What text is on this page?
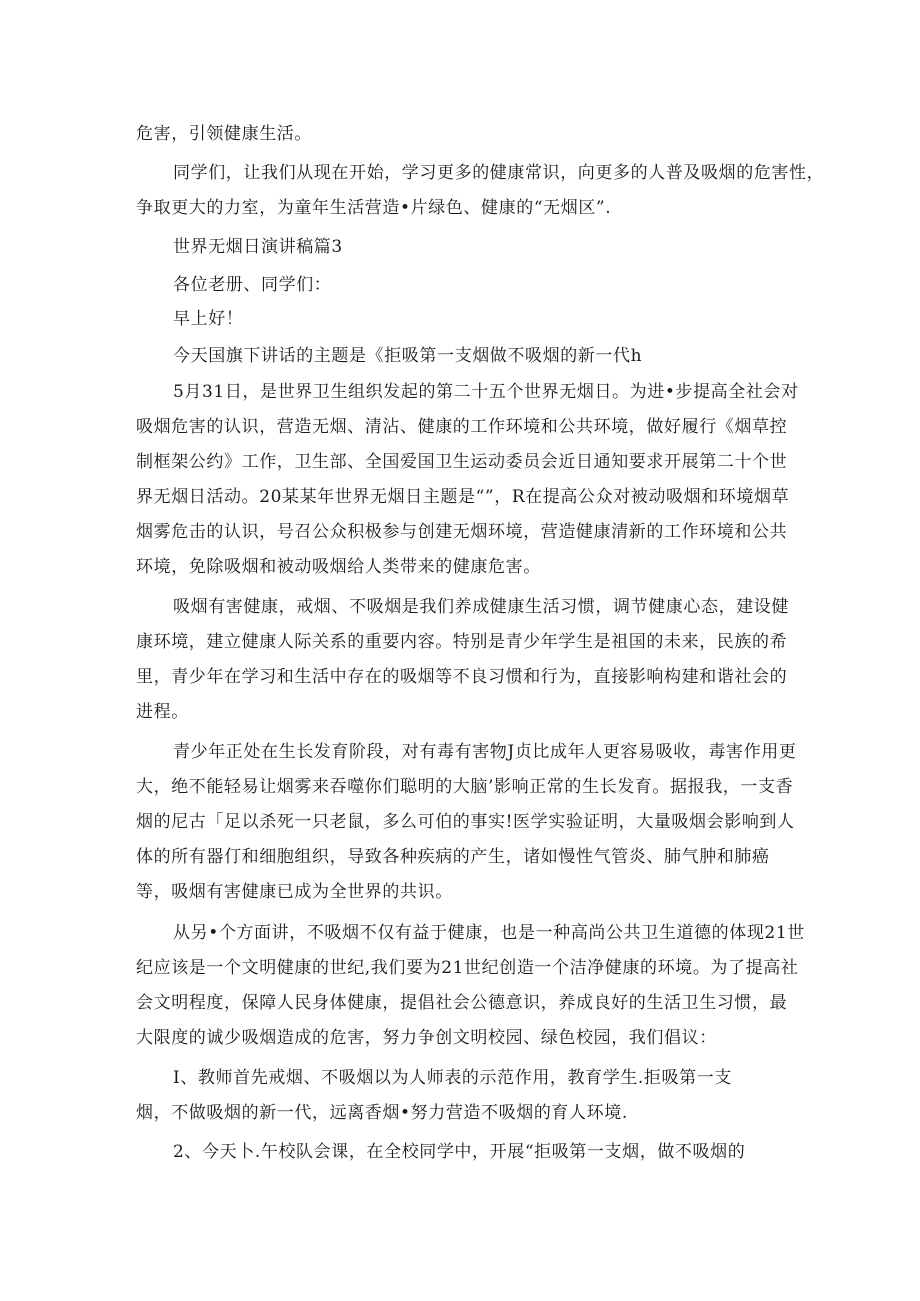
危害，引领健康生活。

同学们，让我们从现在开始，学习更多的健康常识，向更多的人普及吸烟的危害性，

争取更大的力室，为童年生活营造•片绿色、健康的“无烟区”.

世界无烟日演讲稿篇3

各位老册、同学们：

早上好！

今天国旗下讲话的主题是《拒吸第一支烟做不吸烟的新一代h

5月31日，是世界卫生组织发起的第二十五个世界无烟日。为进•步提高全社会对

吸烟危害的认识，营造无烟、清沾、健康的工作环境和公共环境，做好履行《烟草控

制框架公约》工作，卫生部、全国爱国卫生运动委员会近日通知要求开展第二十个世

界无烟日活动。20某某年世界无烟日主题是“”，R在提高公众对被动吸烟和环境烟草

烟雾危击的认识，号召公众积极参与创建无烟环境，营造健康清新的工作环境和公共

环境，免除吸烟和被动吸烟给人类带来的健康危害。

吸烟有害健康，戒烟、不吸烟是我们养成健康生活习惯，调节健康心态，建设健

康环境，建立健康人际关系的重要内容。特别是青少年学生是祖国的未来，民族的希

里，青少年在学习和生活中存在的吸烟等不良习惯和行为，直接影响构建和谐社会的

进程。

青少年正处在生长发育阶段，对有毒有害物J贞比成年人更容易吸收，毒害作用更

大，绝不能轻易让烟雾来吞噬你们聪明的大脑’影响正常的生长发育。据报我，一支香

烟的尼古「足以杀死一只老鼠，多么可伯的事实!医学实验证明，大量吸烟会影响到人

体的所有器仃和细胞组织，导致各种疾病的产生，诸如慢性气管炎、肺气肿和肺癌

等，吸烟有害健康已成为全世界的共识。

从另•个方面讲，不吸烟不仅有益于健康，也是一种高尚公共卫生道德的体现21世

纪应该是一个文明健康的世纪,我们要为21世纪创造一个洁净健康的环境。为了提高社

会文明程度，保障人民身体健康，提倡社会公德意识，养成良好的生活卫生习惯，最

大限度的诚少吸烟造成的危害，努力争创文明校园、绿色校园，我们倡议：

I、教师首先戒烟、不吸烟以为人师表的示范作用，教育学生.拒吸第一支

烟，不做吸烟的新一代，远离香烟•努力营造不吸烟的育人环境.

2、今天卜.午校队会课，在全校同学中，开展“拒吸第一支烟，做不吸烟的
